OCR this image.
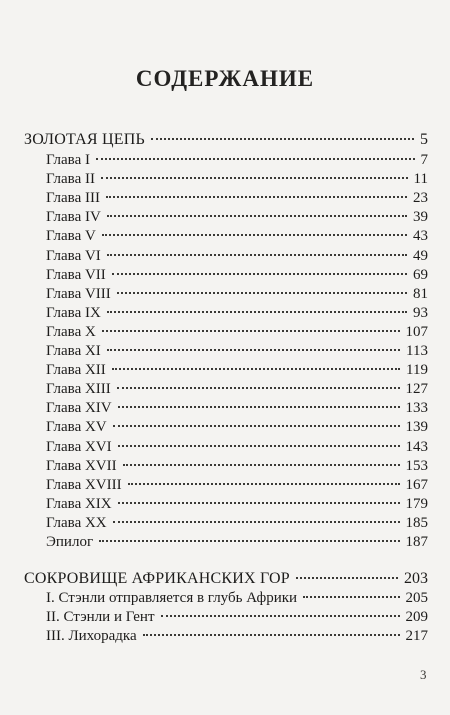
СОДЕРЖАНИЕ
ЗОЛОТАЯ ЦЕПЬ	5
Глава I	7
Глава II	11
Глава III	23
Глава IV	39
Глава V	43
Глава VI	49
Глава VII	69
Глава VIII	81
Глава IX	93
Глава X	107
Глава XI	113
Глава XII	119
Глава XIII	127
Глава XIV	133
Глава XV	139
Глава XVI	143
Глава XVII	153
Глава XVIII	167
Глава XIX	179
Глава XX	185
Эпилог	187
СОКРОВИЩЕ АФРИКАНСКИХ ГОР	203
I. Стэнли отправляется в глубь Африки	205
II. Стэнли и Гент	209
III. Лихорадка	217
3
